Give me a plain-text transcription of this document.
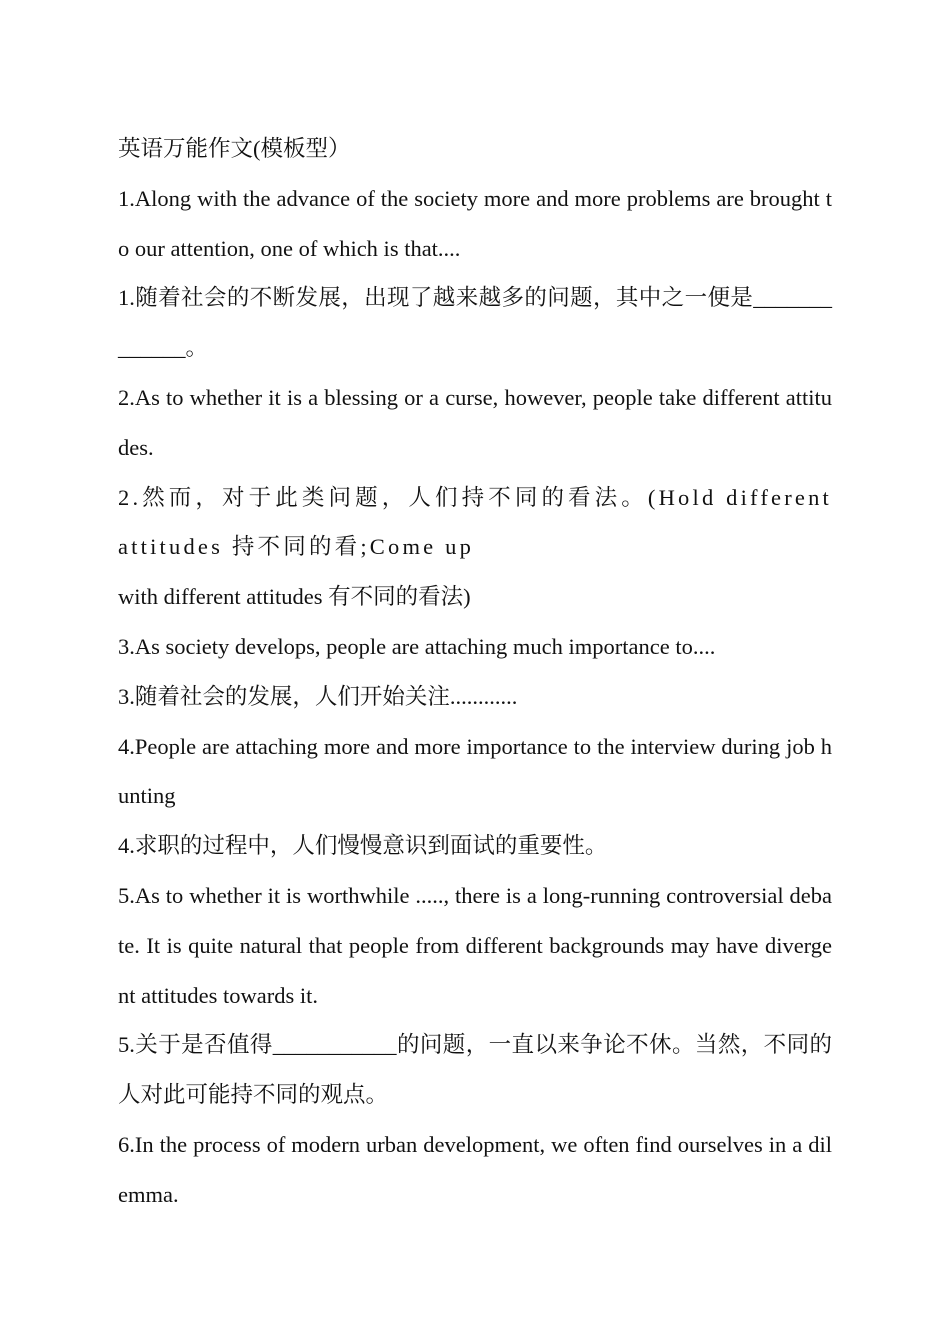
英语万能作文(模板型）

1.Along with the advance of the society more and more problems are brought to our attention, one of which is that....

1.随着社会的不断发展，出现了越来越多的问题，其中之一便是_____________。

2.As to whether it is a blessing or a curse, however, people take different attitudes.

2.然而，对于此类问题，人们持不同的看法。(Hold different attitudes 持不同的看;Come up

with different attitudes 有不同的看法)

3.As society develops, people are attaching much importance to....

3.随着社会的发展，人们开始关注............

4.People are attaching more and more importance to the interview during job hunting

4.求职的过程中，人们慢慢意识到面试的重要性。

5.As to whether it is worthwhile ....., there is a long-running controversial debate. It is quite natural that people from different backgrounds may have divergent attitudes towards it.

5.关于是否值得___________的问题，一直以来争论不休。当然，不同的人对此可能持不同的观点。

6.In the process of modern urban development, we often find ourselves in a dilemma.
